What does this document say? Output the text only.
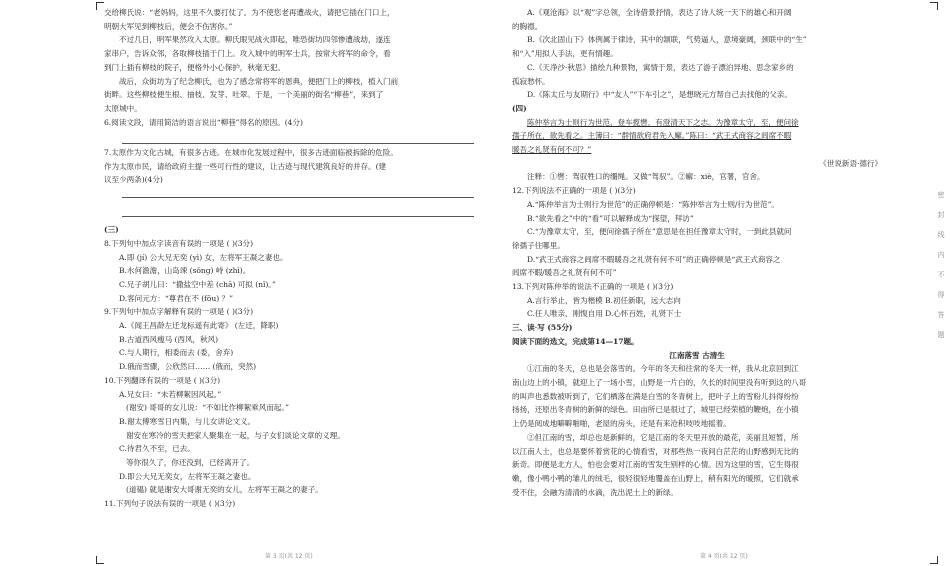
交给柳氏说：“老妈妈，这里不久要打仗了。为不使您老再遭战火，请把它插在门口上，
明朝大军见到柳枝后，便会不伤害你。”
不过几日，明军果然攻入太原。柳氏眼见战火即起，唯恐街坊四邻惨遭战劫，遂连
家串户，告诉众邻，各取柳枝插于门上。攻入城中的明军士兵，按常大将军的命令，看
到门上插有柳枝的院子，便格外小心保护，秋毫无犯。
战后，众街坊为了纪念柳氏，也为了感念常将军的恩典，便把门上的柳枝，植入门前
街畔。这些柳枝便生根、抽枝、发芽、吐翠。于是，一个美丽的街名“柳巷”，来到了
太原城中。
6.阅读文段，请用简洁的语言说出“柳巷”得名的原因。(4分)
7.太原作为文化古城，有很多古迹。在城市化发展过程中，很多古迹面临被拆除的危险。
作为太原市民，请给政府主提一些可行性的建议，让古迹与现代建筑良好的并存。(建
议至少两条)(4分)
(三)
8.下列句中加点字读音有误的一项是 ( )(3分)
A.即 (jí) 公大兄无奕 (yì) 女，左将军王凝之妻也。
B.水何澹澹，山岛竦 (sǒng) 峙 (zhì)。
C.兄子胡儿曰：“撒盐空中差 (chā) 可拟 (nǐ)。”
D.客问元方：“尊君在不 (fǒu) ？”
9.下列句中加点字解释有误的一项是 ( )(3分)
A.《闻王昌龄左迁龙标遥有此寄》 (左迁，降职)
B.古道西风瘦马 (西风，秋风)
C.与人期行，相委而去 (委，舍弃)
D.俄而雪骤，公欣然曰…… (俄而，突然)
10.下列翻译有误的一项是 ( )(3分)
A.兄女曰：“未若柳絮因风起。”
(谢安) 哥哥的女儿说：“不如比作柳絮乘风而起。”
B.谢太傅寒雪日内集，与儿女讲论文义。
谢安在寒冷的雪天把家人聚集在一起，与子女们谈论文章的义理。
C.待君久不至，已去。
等你很久了，你还没到，已经离开了。
D.即公大兄无奕女，左将军王凝之妻也。
(道韫) 就是谢安大哥谢无奕的女儿，左将军王凝之的妻子。
11.下列句子说法有误的一项是 ( )(3分)
第 3 页(共 12 页)
A.《观沧海》以“观”字总领，全诗借景抒情，表达了诗人统一天下的雄心和开阔
的胸襟。
B.《次北固山下》体例属于律诗，其中的颔联，气势逼人，意境豪阔，颈联中的“生”
和“入”用拟人手法，更有情趣。
C.《天净沙·秋思》描绘九种景物，寓情于景，表达了游子漂泊异地、思念家乡的
孤寂愁怀。
D.《陈太丘与友期行》中“友人”“下车引之”，是想晓元方帮自己去找他的父亲。
(四)
陈仲举言为士则行为世范，登车揽辔，有澄清天下之志。为豫章太守，至，便问徐
孺子所在，欲先看之。主簿曰：“群情欲府君先入廨。”陈曰：“武王式商容之闾席不暇
暖吾之礼贤有何不可？”
《世说新语·德行》
注释：①辔：驾驭牲口的缰绳。又做“驾驭”。②廨：xiè，官署，官舍。
12.下列说法不正确的一项是 ( )(3分)
A.“陈仲举言为士则行为世范”的正确停顿是：“陈仲举言为士则/行为世范”。
B.“欲先看之”中的“看”可以解释成为“探望，拜访”
C.“为豫章太守，至，便问徐孺子所在”意思是在担任豫章太守时，一到此县就问
徐孺子住哪里。
D.“武王式商容之闾席不暇暖吾之礼贤有何不可”的正确停顿是“武王式商容之
闾席不暇/暖吾之礼贤有何不可”
13.下列对陈仲举的说法不正确的一项是 ( )(3分)
A.言行举止，皆为楷模 B.初任新职，远大志向
C.任人唯亲，刚愎自用 D.心怀百姓，礼贤下士
三、读·写 (55分)
阅读下面的选文，完成第14—17题。
江南落雪 古清生
①江南的冬天，总也是会落雪的。今年的冬天和往常的冬天一样，我从北京回到江
南山边上的小镇，就迎上了一场小雪，山野是一片白的，久长的时间里没有听到这的八哥
的叫声也悉数被听到了，它们栖落在满是白雪的冬青树上，把叶子上的雪粉儿抖得纷纷
扬扬，还原出冬青树的新鲜的绿色。田亩所已是很过了，城里已经荣植的鞭炮，在小镇
上仍是阅成地噼噼啪啪，老屋的房头，还是有来沧积吱吱地摇着。
②但江南的雪，却总也是新鲜的，它是江南的冬天里开放的最花，美丽且短暂，所
以江南人士，也总是要怀着赏花的心情看雪，对那些热一夜间白茫茫的山野感到无比的
新奇。即便是北方人，怕也会要对江南的雪发生别样的心情。因为这里的雪，它生得很
嫩，像小鸭小鸭的雏儿的绒毛，很轻很轻地覆盖在山野上，稍有阳光的暖照，它们就承
受不住，会融为清清的水滴，洗出泥土上的新绿。
第 4 页(共 12 页)
密
封
线
内
不
得
答
题
